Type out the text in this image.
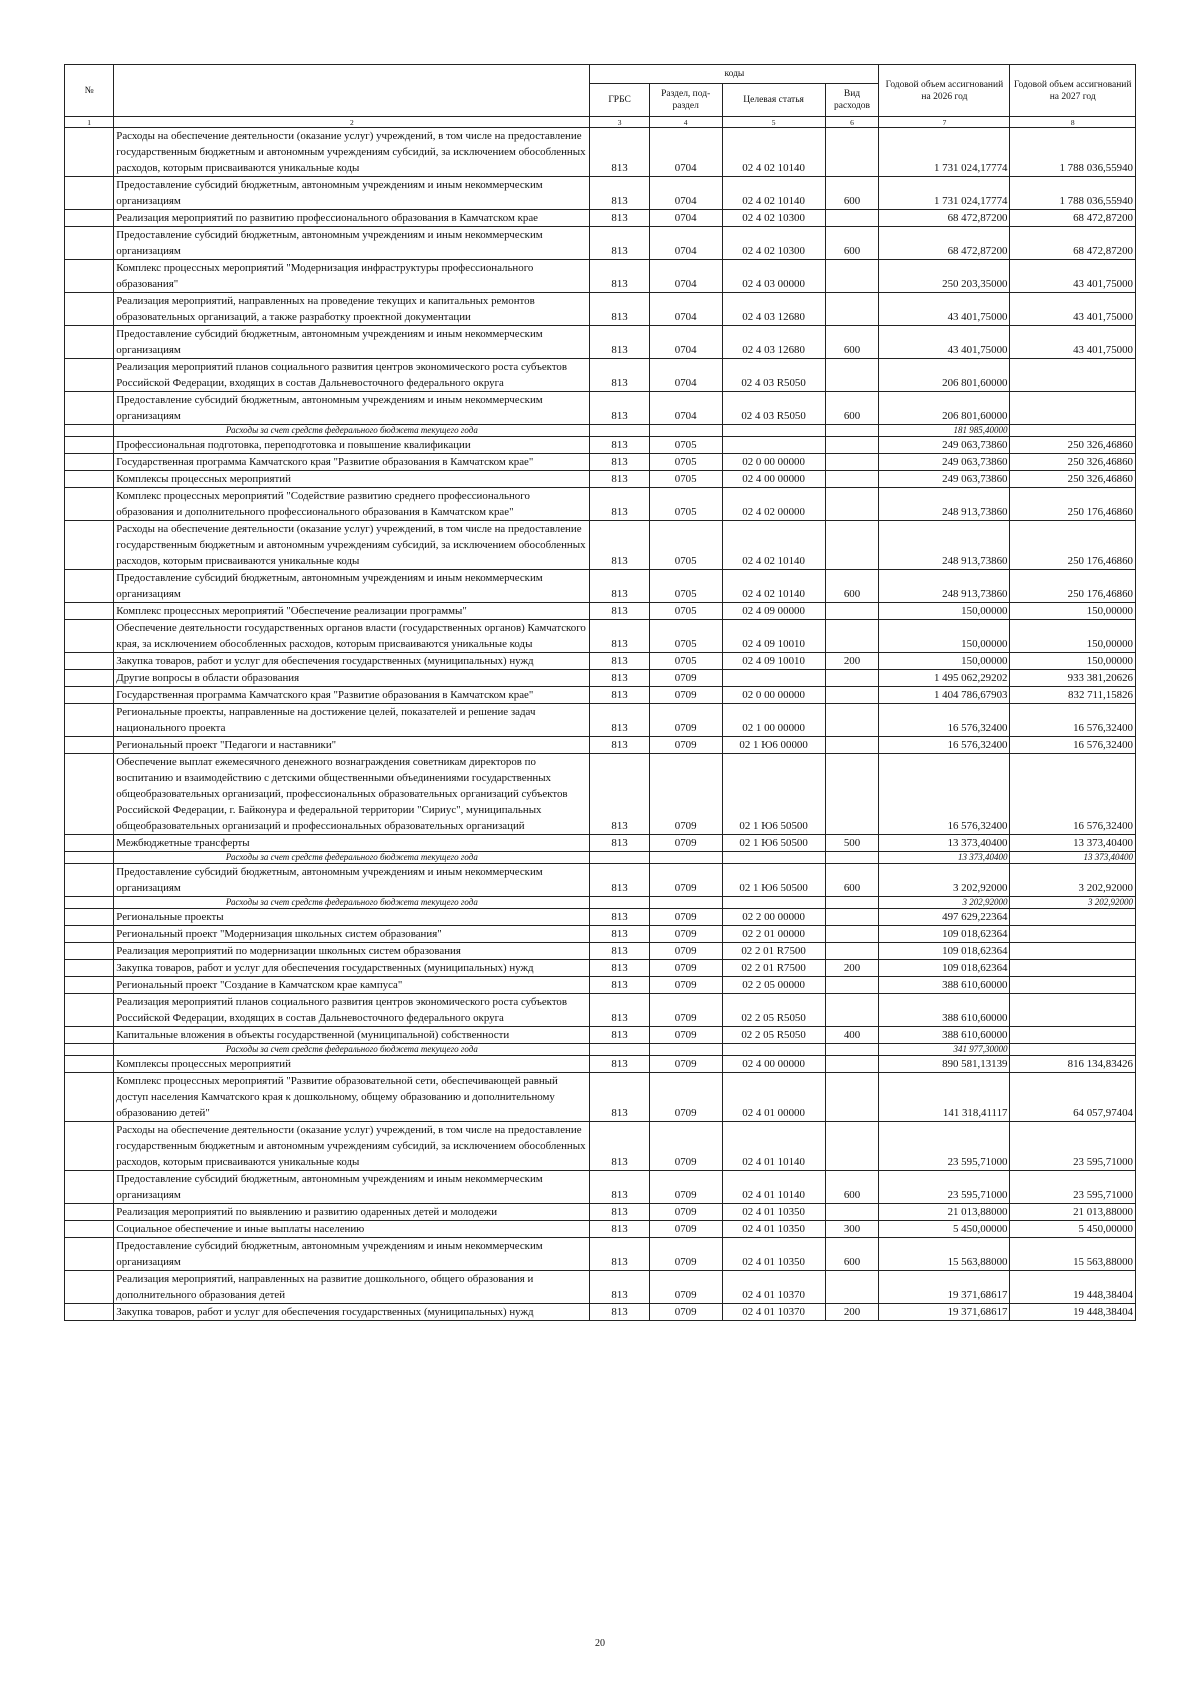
№		коды				Годовой объем ассигнований на 2026 год	Годовой объем ассигнований на 2027 год
		ГРБС	Раздел, под-раздел	Целевая статья	Вид расходов		
1	2	3	4	5	6	7	8
	Расходы на обеспечение деятельности (оказание услуг) учреждений, в том числе на предоставление государственным бюджетным и автономным учреждениям субсидий, за исключением обособленных расходов, которым присваиваются уникальные коды	813	0704	02 4 02 10140		1 731 024,17774	1 788 036,55940
	Предоставление субсидий бюджетным, автономным учреждениям и иным некоммерческим организациям	813	0704	02 4 02 10140	600	1 731 024,17774	1 788 036,55940
	Реализация мероприятий по развитию профессионального образования в Камчатском крае	813	0704	02 4 02 10300		68 472,87200	68 472,87200
	Предоставление субсидий бюджетным, автономным учреждениям и иным некоммерческим организациям	813	0704	02 4 02 10300	600	68 472,87200	68 472,87200
	Комплекс процессных мероприятий "Модернизация инфраструктуры профессионального образования"	813	0704	02 4 03 00000		250 203,35000	43 401,75000
	Реализация мероприятий, направленных на проведение текущих и капитальных ремонтов образовательных организаций, а также разработку проектной документации	813	0704	02 4 03 12680		43 401,75000	43 401,75000
	Предоставление субсидий бюджетным, автономным учреждениям и иным некоммерческим организациям	813	0704	02 4 03 12680	600	43 401,75000	43 401,75000
	Реализация мероприятий планов социального развития центров экономического роста субъектов Российской Федерации, входящих в состав Дальневосточного федерального округа	813	0704	02 4 03 R5050		206 801,60000	
	Предоставление субсидий бюджетным, автономным учреждениям и иным некоммерческим организациям	813	0704	02 4 03 R5050	600	206 801,60000	
	Расходы за счет средств федерального бюджета текущего года					181 985,40000	
	Профессиональная подготовка, переподготовка и повышение квалификации	813	0705			249 063,73860	250 326,46860
	Государственная программа Камчатского края "Развитие образования в Камчатском крае"	813	0705	02 0 00 00000		249 063,73860	250 326,46860
	Комплексы процессных мероприятий	813	0705	02 4 00 00000		249 063,73860	250 326,46860
	Комплекс процессных мероприятий "Содействие развитию среднего профессионального образования и дополнительного профессионального образования в Камчатском крае"	813	0705	02 4 02 00000		248 913,73860	250 176,46860
	Расходы на обеспечение деятельности (оказание услуг) учреждений, в том числе на предоставление государственным бюджетным и автономным учреждениям субсидий, за исключением обособленных расходов, которым присваиваются уникальные коды	813	0705	02 4 02 10140		248 913,73860	250 176,46860
	Предоставление субсидий бюджетным, автономным учреждениям и иным некоммерческим организациям	813	0705	02 4 02 10140	600	248 913,73860	250 176,46860
	Комплекс процессных мероприятий "Обеспечение реализации программы"	813	0705	02 4 09 00000		150,00000	150,00000
	Обеспечение деятельности государственных органов власти (государственных органов) Камчатского края, за исключением обособленных расходов, которым присваиваются уникальные коды	813	0705	02 4 09 10010		150,00000	150,00000
	Закупка товаров, работ и услуг для обеспечения государственных (муниципальных) нужд	813	0705	02 4 09 10010	200	150,00000	150,00000
	Другие вопросы в области образования	813	0709			1 495 062,29202	933 381,20626
	Государственная программа Камчатского края "Развитие образования в Камчатском крае"	813	0709	02 0 00 00000		1 404 786,67903	832 711,15826
	Региональные проекты, направленные на достижение целей, показателей и решение задач национального проекта	813	0709	02 1 00 00000		16 576,32400	16 576,32400
	Региональный проект "Педагоги и наставники"	813	0709	02 1 Ю6 00000		16 576,32400	16 576,32400
	Обеспечение выплат ежемесячного денежного вознаграждения советникам директоров по воспитанию и взаимодействию с детскими общественными объединениями государственных общеобразовательных организаций, профессиональных образовательных организаций субъектов Российской Федерации, г. Байконура и федеральной территории "Сириус", муниципальных общеобразовательных организаций и профессиональных образовательных организаций	813	0709	02 1 Ю6 50500		16 576,32400	16 576,32400
	Межбюджетные трансферты	813	0709	02 1 Ю6 50500	500	13 373,40400	13 373,40400
	Расходы за счет средств федерального бюджета текущего года					13 373,40400	13 373,40400
	Предоставление субсидий бюджетным, автономным учреждениям и иным некоммерческим организациям	813	0709	02 1 Ю6 50500	600	3 202,92000	3 202,92000
	Расходы за счет средств федерального бюджета текущего года					3 202,92000	3 202,92000
	Региональные проекты	813	0709	02 2 00 00000		497 629,22364	
	Региональный проект "Модернизация школьных систем образования"	813	0709	02 2 01 00000		109 018,62364	
	Реализация мероприятий по модернизации школьных систем образования	813	0709	02 2 01 R7500		109 018,62364	
	Закупка товаров, работ и услуг для обеспечения государственных (муниципальных) нужд	813	0709	02 2 01 R7500	200	109 018,62364	
	Региональный проект "Создание в Камчатском крае кампуса"	813	0709	02 2 05 00000		388 610,60000	
	Реализация мероприятий планов социального развития центров экономического роста субъектов Российской Федерации, входящих в состав Дальневосточного федерального округа	813	0709	02 2 05 R5050		388 610,60000	
	Капитальные вложения в объекты государственной (муниципальной) собственности	813	0709	02 2 05 R5050	400	388 610,60000	
	Расходы за счет средств федерального бюджета текущего года					341 977,30000	
	Комплексы процессных мероприятий	813	0709	02 4 00 00000		890 581,13139	816 134,83426
	Комплекс процессных мероприятий "Развитие образовательной сети, обеспечивающей равный доступ населения Камчатского края к дошкольному, общему образованию и дополнительному образованию детей"	813	0709	02 4 01 00000		141 318,41117	64 057,97404
	Расходы на обеспечение деятельности (оказание услуг) учреждений, в том числе на предоставление государственным бюджетным и автономным учреждениям субсидий, за исключением обособленных расходов, которым присваиваются уникальные коды	813	0709	02 4 01 10140		23 595,71000	23 595,71000
	Предоставление субсидий бюджетным, автономным учреждениям и иным некоммерческим организациям	813	0709	02 4 01 10140	600	23 595,71000	23 595,71000
	Реализация мероприятий по выявлению и развитию одаренных детей и молодежи	813	0709	02 4 01 10350		21 013,88000	21 013,88000
	Социальное обеспечение и иные выплаты населению	813	0709	02 4 01 10350	300	5 450,00000	5 450,00000
	Предоставление субсидий бюджетным, автономным учреждениям и иным некоммерческим организациям	813	0709	02 4 01 10350	600	15 563,88000	15 563,88000
	Реализация мероприятий, направленных на развитие дошкольного, общего образования и дополнительного образования детей	813	0709	02 4 01 10370		19 371,68617	19 448,38404
	Закупка товаров, работ и услуг для обеспечения государственных (муниципальных) нужд	813	0709	02 4 01 10370	200	19 371,68617	19 448,38404
20
